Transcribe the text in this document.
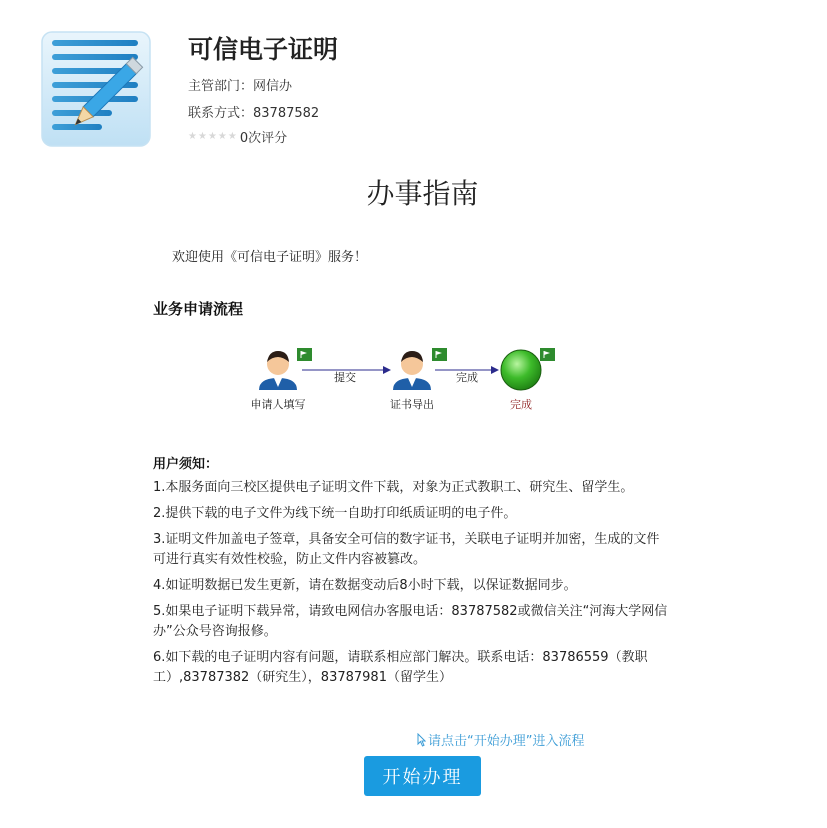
可信电子证明
主管部门：网信办
联系方式：83787582
★ ★ ★ ★ ★ 0次评分
办事指南
欢迎使用《可信电子证明》服务！
业务申请流程
提交	完成
申请人填写	证书导出	完成
用户须知：

1.本服务面向三校区提供电子证明文件下载，对象为正式教职工、研究生、留学生。

2.提供下载的电子文件为线下统一自助打印纸质证明的电子件。

3.证明文件加盖电子签章，具备安全可信的数字证书，关联电子证明并加密，生成的文件可进行真实有效性校验，防止文件内容被篡改。

4.如证明数据已发生更新，请在数据变动后8小时下载，以保证数据同步。

5.如果电子证明下载异常，请致电网信办客服电话：83787582或微信关注“河海大学网信办”公众号咨询报修。

6.如下载的电子证明内容有问题，请联系相应部门解决。联系电话：83786559（教职工）,83787382（研究生），83787981（留学生）

请点击“开始办理”进入流程
开始办理
